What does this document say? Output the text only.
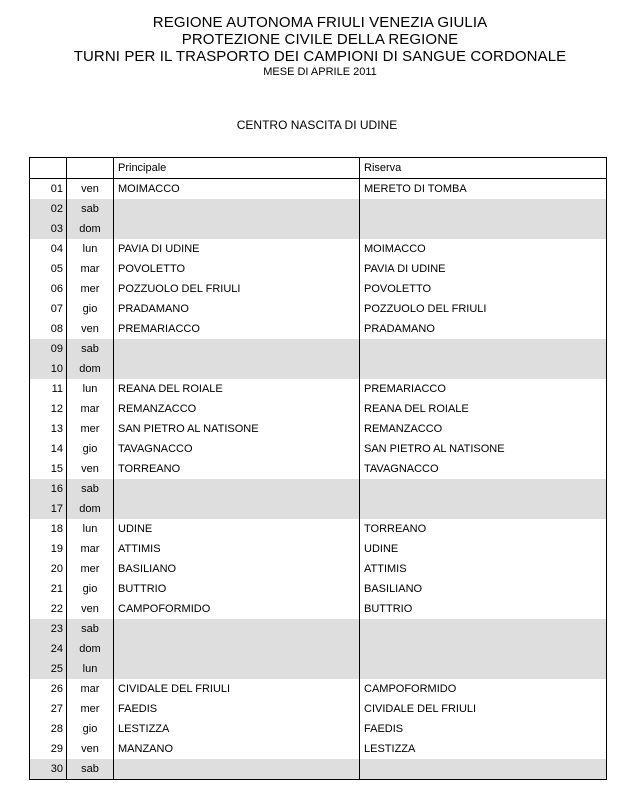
REGIONE AUTONOMA FRIULI VENEZIA GIULIA
PROTEZIONE CIVILE DELLA REGIONE
TURNI PER IL TRASPORTO DEI CAMPIONI DI SANGUE CORDONALE
MESE DI APRILE 2011
CENTRO NASCITA DI UDINE
		Principale	Riserva
01	ven	MOIMACCO	MERETO DI TOMBA
02	sab		
03	dom		
04	lun	PAVIA DI UDINE	MOIMACCO
05	mar	POVOLETTO	PAVIA DI UDINE
06	mer	POZZUOLO DEL FRIULI	POVOLETTO
07	gio	PRADAMANO	POZZUOLO DEL FRIULI
08	ven	PREMARIACCO	PRADAMANO
09	sab		
10	dom		
11	lun	REANA DEL ROIALE	PREMARIACCO
12	mar	REMANZACCO	REANA DEL ROIALE
13	mer	SAN PIETRO AL NATISONE	REMANZACCO
14	gio	TAVAGNACCO	SAN PIETRO AL NATISONE
15	ven	TORREANO	TAVAGNACCO
16	sab		
17	dom		
18	lun	UDINE	TORREANO
19	mar	ATTIMIS	UDINE
20	mer	BASILIANO	ATTIMIS
21	gio	BUTTRIO	BASILIANO
22	ven	CAMPOFORMIDO	BUTTRIO
23	sab		
24	dom		
25	lun		
26	mar	CIVIDALE DEL FRIULI	CAMPOFORMIDO
27	mer	FAEDIS	CIVIDALE DEL FRIULI
28	gio	LESTIZZA	FAEDIS
29	ven	MANZANO	LESTIZZA
30	sab		
